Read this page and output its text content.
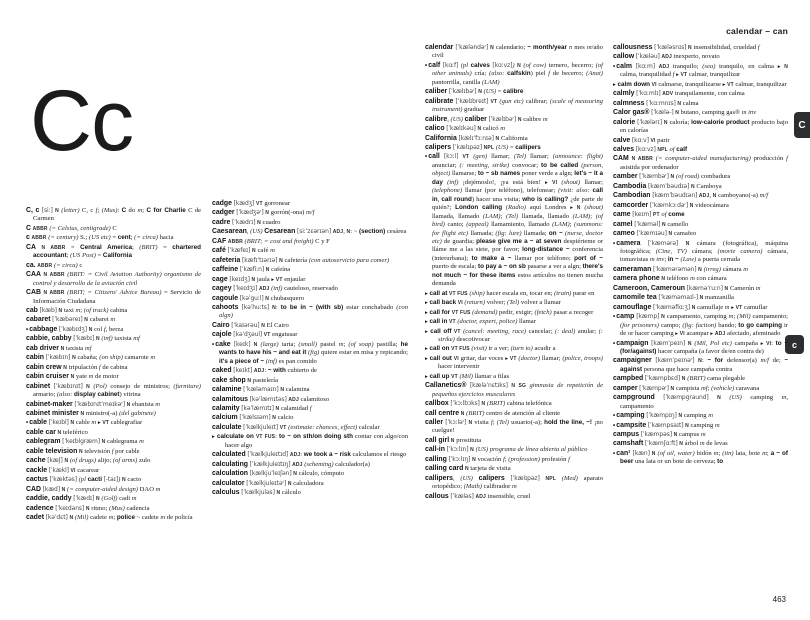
calendar – can
C
c
Cc

C, c [siː] N (letter) C, c f; (Mus): C do m; C for Charlie C de Carmen

C ABBR (= Celsius, centigrade) C

c ABBR (= century) S.; (US etc) = cent; (= circa) hacia

CA N ABBR = Central America; (BRIT) = chartered accountant; (US Post) = California

ca. ABBR (= circa) c

CAA N ABBR (BRIT: = Civil Aviation Authority) organismo de control y desarrollo de la aviación civil

CAB N ABBR (BRIT; = Citizens' Advice Bureau) = Servicio de Información Ciudadana

cab [kæb] N taxi m; (of truck) cabina

cabaret [ˈkæbəreɪ] N cabaret m

•cabbage [ˈkæbɪdʒ] N col f, berza

cabbie, cabby [ˈkæbɪ] N (inf) taxista mf

cab driver N taxista mf

cabin [ˈkæbɪn] N cabaña; (on ship) camarote m

cabin crew N tripulación f de cabina

cabin cruiser N yate m de motor

cabinet [ˈkæbɪnɪt] N (Pol) consejo de ministros; (furniture) armario; (also: display cabinet) vitrina

cabinet-maker [ˈkæbɪnɪtˈmeɪkəʳ] N ebanista m

cabinet minister N ministro(-a) (del gabinete)

•cable [ˈkeɪbl] N cable m ▸ VT cablegrafiar

cable car N teleférico

cablegram [ˈkeɪblgræm] N cablegrama m

cable television N televisión f por cable

cache [kæʃ] N (of drugs) alijo; (of arms) zulo

cackle [ˈkækl] VI cacarear

cactus [ˈkæktəs] (pl cacti [-taɪ]) N cacto

CAD [kæd] N (= computer-aided design) DAO m

caddie, caddy [ˈkædɪ] N (Golf) cadi m

cadence [ˈkeɪdəns] N ritmo; (Mus) cadencia

cadet [kəˈdɛt] N (Mil) cadete m; police ~ cadete m de policía

cadge [kædʒ] VT gorronear

cadger [ˈkædʒəʳ] N gorrón(-ona) m/f

cadre [ˈkædrɪ] N cuadro

Caesarean, (US) Cesarean [siːˈzɛərɪən] ADJ, N: ~ (section) cesárea

CAF ABBR (BRIT; = cost and freight) C y F

café [ˈkæfeɪ] N café m

cafeteria [kæfɪˈtɪərɪə] N cafetería (con autoservicio para comer)

caffeine [ˈkæfiːn] N cafeína

cage [keɪdʒ] N jaula ▸ VT enjaular

cagey [ˈkeɪdʒɪ] ADJ (inf) cauteloso, reservado

cagoule [kəˈguːl] N chubasquero

cahoots [kəˈhuːts] N: to be in ~ (with sb) estar conchabado (con algn)

Cairo [ˈkaɪərəu] N El Cairo

cajole [kəˈdʒəul] VT engatusar

•cake [keɪk] N (large) tarta; (small) pastel m; (of soap) pastilla; he wants to have his ~ and eat it (fig) quiere estar en misa y repicando; it's a piece of ~ (inf) es pan comido

caked [keɪkt] ADJ: ~ with cubierto de

cake shop N pastelería

calamine [ˈkæləmaɪn] N calamina

calamitous [kəˈlæmɪtəs] ADJ calamitoso

calamity [kəˈlæmɪtɪ] N calamidad f

calcium [ˈkælsɪəm] N calcio

calculate [ˈkælkjuleɪt] VT (estimate: chances, effect) calcular

▸ calculate on VT FUS: to ~ on sth/on doing sth contar con algo/con hacer algo

calculated [ˈkælkjuleɪtɪd] ADJ: we took a ~ risk calculamos el riesgo

calculating [ˈkælkjuleɪtɪŋ] ADJ (scheming) calculador(a)

calculation [kælkjuˈleɪʃən] N cálculo, cómputo

calculator [ˈkælkjuleɪtəʳ] N calculadora

calculus [ˈkælkjuləs] N cálculo

calendar [ˈkæləndəʳ] N calendario; ~ month/year n mes m/año civil

•calf [kɑːf] (pl calves [kɑːvz]) N (of cow) ternero, becerro; (of other animals) cría; (also: calfskin) piel f de becerro; (Anat) pantorrilla, canilla (LAM)

caliber [ˈkælɪbəʳ] N (US) = calibre

calibrate [ˈkælɪbreɪt] VT (gun etc) calibrar; (scale of measuring instrument) graduar

calibre, (US) caliber [ˈkælɪbəʳ] N calibre m

calico [ˈkælɪkəu] N calicó m

California [kælɪˈfɔːnɪə] N California

calipers [ˈkælɪpəz] NPL (US) = callipers

•call [kɔːl] VT (gen) llamar; (Tel) llamar; (announce: flight) anunciar; (: meeting, strike) convocar; to be called (person, object) llamarse; to ~ sb names poner verde a algn; let's ~ it a day (inf) ¡dejémoslo!, ¡ya está bien! ▸ VI (shout) llamar; (telephone) llamar (por teléfono), telefonear; (visit: also: call in, call round) hacer una visita; who is calling? ¿de parte de quién?; London calling (Radio) aquí Londres ▸ N (shout) llamada, llamado (LAM); (Tel) llamada, llamado (LAM); (of bird) canto; (appeal) llamamiento, llamado (LAM); (summons: for flight etc) llamada; (fig: lure) llamada; on ~ (nurse, doctor etc) de guardia; please give me a ~ at seven despiérteme or lláme me a las siete, por favor; long-distance ~ conferencia (interurbana); to make a ~ llamar por teléfono; port of ~ puerto de escala; to pay a ~ on sb pasarse a ver a algn; there's not much ~ for these items estos artículos no tienen mucha demanda

▸ call at VT FUS (ship) hacer escala en, tocar en; (train) parar en

▸ call back VI (return) volver; (Tel) volver a llamar

▸ call for VT FUS (demand) pedir, exigir; (fetch) pasar a recoger

▸ call in VT (doctor, expert, police) llamar

▸ call off VT (cancel: meeting, race) cancelar; (: deal) anular; (: strike) descotivocar

▸ call on VT FUS (visit) ir a ver; (turn to) acudir a

▸ call out VI gritar, dar voces ▸ VT (doctor) llamar; (police, troops) hacer intervenir

▸ call up VT (Mil) llamar a filas

Callanetics® [kæləˈnɛtɪks] N SG gimnasia de repetición de pequeños ejercicios musculares

callbox [ˈkɔːlbɔks] N (BRIT) cabina telefónica

call centre N (BRIT) centro de atención al cliente

caller [ˈkɔːləʳ] N visita f; (Tel) usuario(-a); hold the line, ~! ¡no cuelgue!

call girl N prostituta

call-in [ˈkɔːlɪn] N (US) programa de línea abierta al público

calling [ˈkɔːlɪŋ] N vocación f; (profession) profesión f

calling card N tarjeta de visita

callipers, (US) calipers [ˈkælɪpəz] NPL (Med) aparato ortopédico; (Math) calibrador m

callous [ˈkæləs] ADJ insensible, cruel

callousness [ˈkæləsnɪs] N insensibilidad, crueldad f

callow [ˈkæləu] ADJ inexperto, novato

•calm [kɑːm] ADJ tranquilo; (sea) tranquilo, en calma ▸ N calma, tranquilidad f ▸ VT calmar, tranquilizar

▸ calm down VI calmarse, tranquilizarse ▸ VT calmar, tranquilizar

calmly [ˈkɑːmlɪ] ADV tranquilamente, con calma

calmness [ˈkɑːmnɪs] N calma

Calor gas® [ˈkælə-] N butano, camping gas® m inv

calorie [ˈkælərɪ] N caloría; low-calorie product producto bajo en calorías

calve [kɑːv] VI parir

calves [kɑːvz] NPL of calf

CAM N ABBR (= computer-aided manufacturing) producción f asistida por ordenador

camber [ˈkæmbəʳ] N (of road) combadura

Cambodia [kæmˈbəudɪə] N Camboya

Cambodian [kæmˈbəudɪən] ADJ, N camboyano(-a) m/f

camcorder [ˈkæmkɔːdəʳ] N videocámara

came [keɪm] PT of come

camel [ˈkæməl] N camello

cameo [ˈkæmɪəu] N camafeo

•camera [ˈkæmərə] N cámara (fotográfica), máquina fotográfica; (Cine, TV) cámara; (movie camera) cámara, tomavistas m inv; in ~ (Law) a puerta cerrada

cameraman [ˈkæmərəmən] N (irreg) cámara m

camera phone N teléfono m con cámara

Cameroon, Cameroun [kæməˈruːn] N Camerún m

camomile tea [ˈkæməmaɪl-] N manzanilla

camouflage [ˈkæməflɑːʒ] N camuflaje m ▸ VT camuflar

•camp [kæmp] N campamento, camping m; (Mil) campamento; (for prisoners) campo; (fig: faction) bando; to go camping ir de or hacer camping ▸ VI acampar ▸ ADJ afectado, afeminado

•campaign [kæmˈpeɪn] N (Mil, Pol etc) campaña ▸ VI: to ~ (for/against) hacer campaña (a favor de/en contra de)

campaigner [kæmˈpeɪnəʳ] N: ~ for defensor(a) m/f de; ~ against persona que hace campaña contra

campbed [ˈkæmpbɛd] N (BRIT) cama plegable

camper [ˈkæmpəʳ] N campista mf; (vehicle) caravana

campground [ˈkæmpgraund] N (US) camping m, campamento

•camping [ˈkæmpɪŋ] N camping m

•campsite [ˈkæmpsaɪt] N camping m

campus [ˈkæmpəs] N campus m

camshaft [ˈkæmʃɑːft] N árbol m de levas

•can¹ [kæn] N (of oil, water) bidón m; (tin) lata, bote m; a ~ of beer una lata or un bote de cerveza; to

463
